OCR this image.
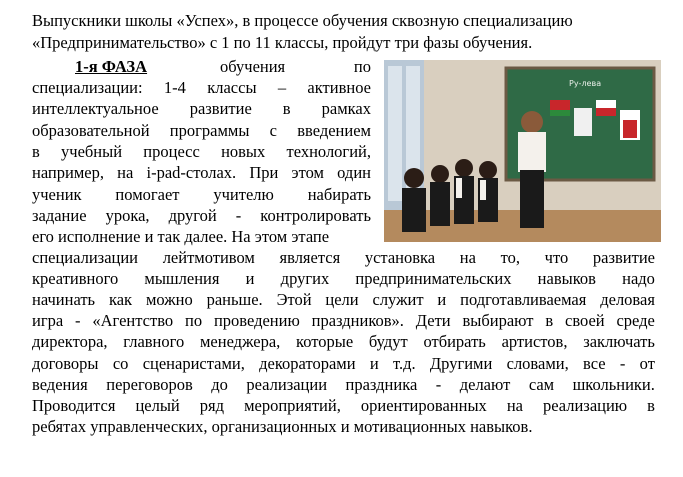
Выпускники школы «Успех», в процессе обучения сквозную специализацию
«Предпринимательство» с 1 по 11 классы, пройдут три фазы обучения.
1-я ФАЗА	обучения	по
специализации: 1-4 классы – активное
интеллектуальное развитие в рамках
образовательной программы с введением
в учебный процесс новых технологий,
например, на i-pad-столах. При этом один
ученик помогает учителю набирать
задание урока, другой - контролировать
его исполнение и так далее. На этом этапе
специализации лейтмотивом является установка на то, что развитие
креативного мышления и других предпринимательских навыков надо
начинать как можно раньше. Этой цели служит и подготавливаемая деловая
игра - «Агентство по проведению праздников». Дети выбирают в своей среде
директора, главного менеджера, которые будут отбирать артистов, заключать
договоры со сценаристами, декораторами и т.д. Другими словами, все - от
ведения переговоров до реализации праздника - делают сам школьники.
Проводится целый ряд мероприятий, ориентированных на реализацию в
ребятах управленческих, организационных и мотивационных навыков.
Ру-лева
